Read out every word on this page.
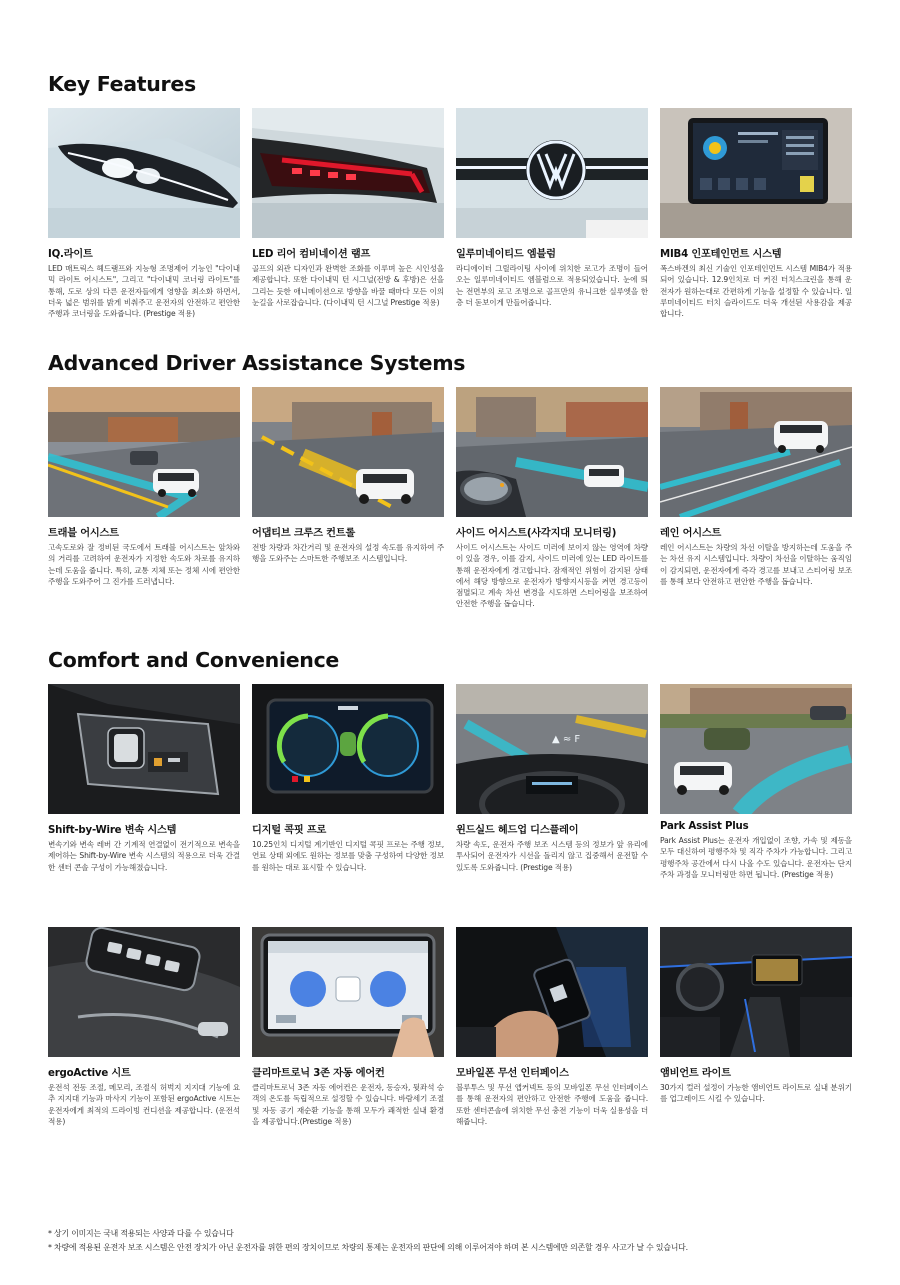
Key Features

IQ.라이트

LED 매트릭스 헤드램프와 지능형 조명제어 기능인 "다이내믹 라이트 어시스트", 그리고 "다이내믹 코너링 라이트"를 통해, 도로 상의 다른 운전자들에게 영향을 최소화 하면서, 더욱 넓은 범위를 밝게 비춰주고 운전자의 안전하고 편안한 주행과 코너링을 도와줍니다. (Prestige 적용)

LED 리어 컴비네이션 램프

골프의 외관 디자인과 완벽한 조화를 이루며 높은 시인성을 제공합니다. 또한 다이내믹 턴 시그널(전방 & 후방)은 선을 그리는 듯한 애니메이션으로 방향을 바꿀 때마다 모든 이의 눈길을 사로잡습니다. (다이내믹 턴 시그널 Prestige 적용)

일루미네이티드 엠블럼

라디에이터 그릴라이팅 사이에 위치한 로고가 조명이 들어오는 일루미네이티드 엠블럼으로 적용되었습니다. 눈에 띄는 전면부의 로고 조명으로 골프만의 유니크한 실루엣을 한층 더 돋보이게 만들어줍니다.

MIB4 인포테인먼트 시스템

폭스바겐의 최신 기술인 인포테인먼트 시스템 MIB4가 적용되어 있습니다. 12.9인치로 더 커진 터치스크린을 통해 운전자가 원하는대로 간편하게 기능을 설정할 수 있습니다. 일루미네이티드 터치 슬라이드도 더욱 개선된 사용감을 제공합니다.

Advanced Driver Assistance Systems

트래블 어시스트

고속도로와 잘 정비된 국도에서 트래블 어시스트는 앞차와의 거리를 고려하여 운전자가 지정한 속도와 차로를 유지하는데 도움을 줍니다. 특히, 교통 지체 또는 정체 시에 편안한 주행을 도와주어 그 진가를 드러냅니다.

어댑티브 크루즈 컨트롤

전방 차량과 차간거리 및 운전자의 설정 속도를 유지하여 주행을 도와주는 스마트한 주행보조 시스템입니다.

사이드 어시스트(사각지대 모니터링)

사이드 어시스트는 사이드 미러에 보이지 않는 영역에 차량이 있을 경우, 이를 감지, 사이드 미러에 있는 LED 라이트를 통해 운전자에게 경고합니다. 잠재적인 위험이 감지된 상태에서 해당 방향으로 운전자가 방향지시등을 켜면 경고등이 점멸되고 계속 차선 변경을 시도하면 스티어링을 보조하여 안전한 주행을 돕습니다.

레인 어시스트

레인 어시스트는 차량의 차선 이탈을 방지하는데 도움을 주는 차선 유지 시스템입니다. 차량이 차선을 이탈하는 움직임이 감지되면, 운전자에게 즉각 경고를 보내고 스티어링 보조를 통해 보다 안전하고 편안한 주행을 돕습니다.

Comfort and Convenience

Shift-by-Wire 변속 시스템

변속기와 변속 레버 간 기계적 연결없이 전기적으로 변속을 제어하는 Shift-by-Wire 변속 시스템의 적용으로 더욱 간결한 센터 콘솔 구성이 가능해졌습니다.

디지털 콕핏 프로

10.25인치 디지털 계기반인 디지털 콕핏 프로는 주행 정보, 연료 상태 외에도 원하는 정보를 맞춤 구성하여 다양한 정보를 원하는 대로 표시할 수 있습니다.

▲ ≈ F

윈드실드 헤드업 디스플레이

차량 속도, 운전자 주행 보조 시스템 등의 정보가 앞 유리에 투사되어 운전자가 시선을 돌리지 않고 집중해서 운전할 수 있도록 도와줍니다. (Prestige 적용)

Park Assist Plus

Park Assist Plus는 운전자 개입없이 조향, 가속 및 제동을 모두 대신하여 평행주차 및 직각 주차가 가능합니다. 그리고 평행주차 공간에서 다시 나올 수도 있습니다. 운전자는 단지 주차 과정을 모니터링만 하면 됩니다. (Prestige 적용)

ergoActive 시트

운전석 전동 조절, 메모리, 조절식 허벅지 지지대 기능에 요추 지지대 기능과 마사지 기능이 포함된 ergoActive 시트는 운전자에게 최적의 드라이빙 컨디션을 제공합니다. (운전석 적용)

클리마트로닉 3존 자동 에어컨

클리마트로닉 3존 자동 에어컨은 운전자, 동승자, 뒷좌석 승객의 온도를 독립적으로 설정할 수 있습니다. 바람세기 조절 및 자동 공기 재순환 기능을 통해 모두가 쾌적한 실내 환경을 제공합니다.(Prestige 적용)

모바일폰 무선 인터페이스

블루투스 및 무선 앱커넥트 등의 모바일폰 무선 인터페이스를 통해 운전자의 편안하고 안전한 주행에 도움을 줍니다. 또한 센터콘솔에 위치한 무선 충전 기능이 더욱 실용성을 더해줍니다.

앰비언트 라이트

30가지 컬러 설정이 가능한 앰비언트 라이트로 실내 분위기를 업그레이드 시킬 수 있습니다.

* 상기 이미지는 국내 적용되는 사양과 다를 수 있습니다

* 차량에 적용된 운전자 보조 시스템은 안전 장치가 아닌 운전자를 위한 편의 장치이므로 차량의 통제는 운전자의 판단에 의해 이루어져야 하며 본 시스템에만 의존할 경우 사고가 날 수 있습니다.
